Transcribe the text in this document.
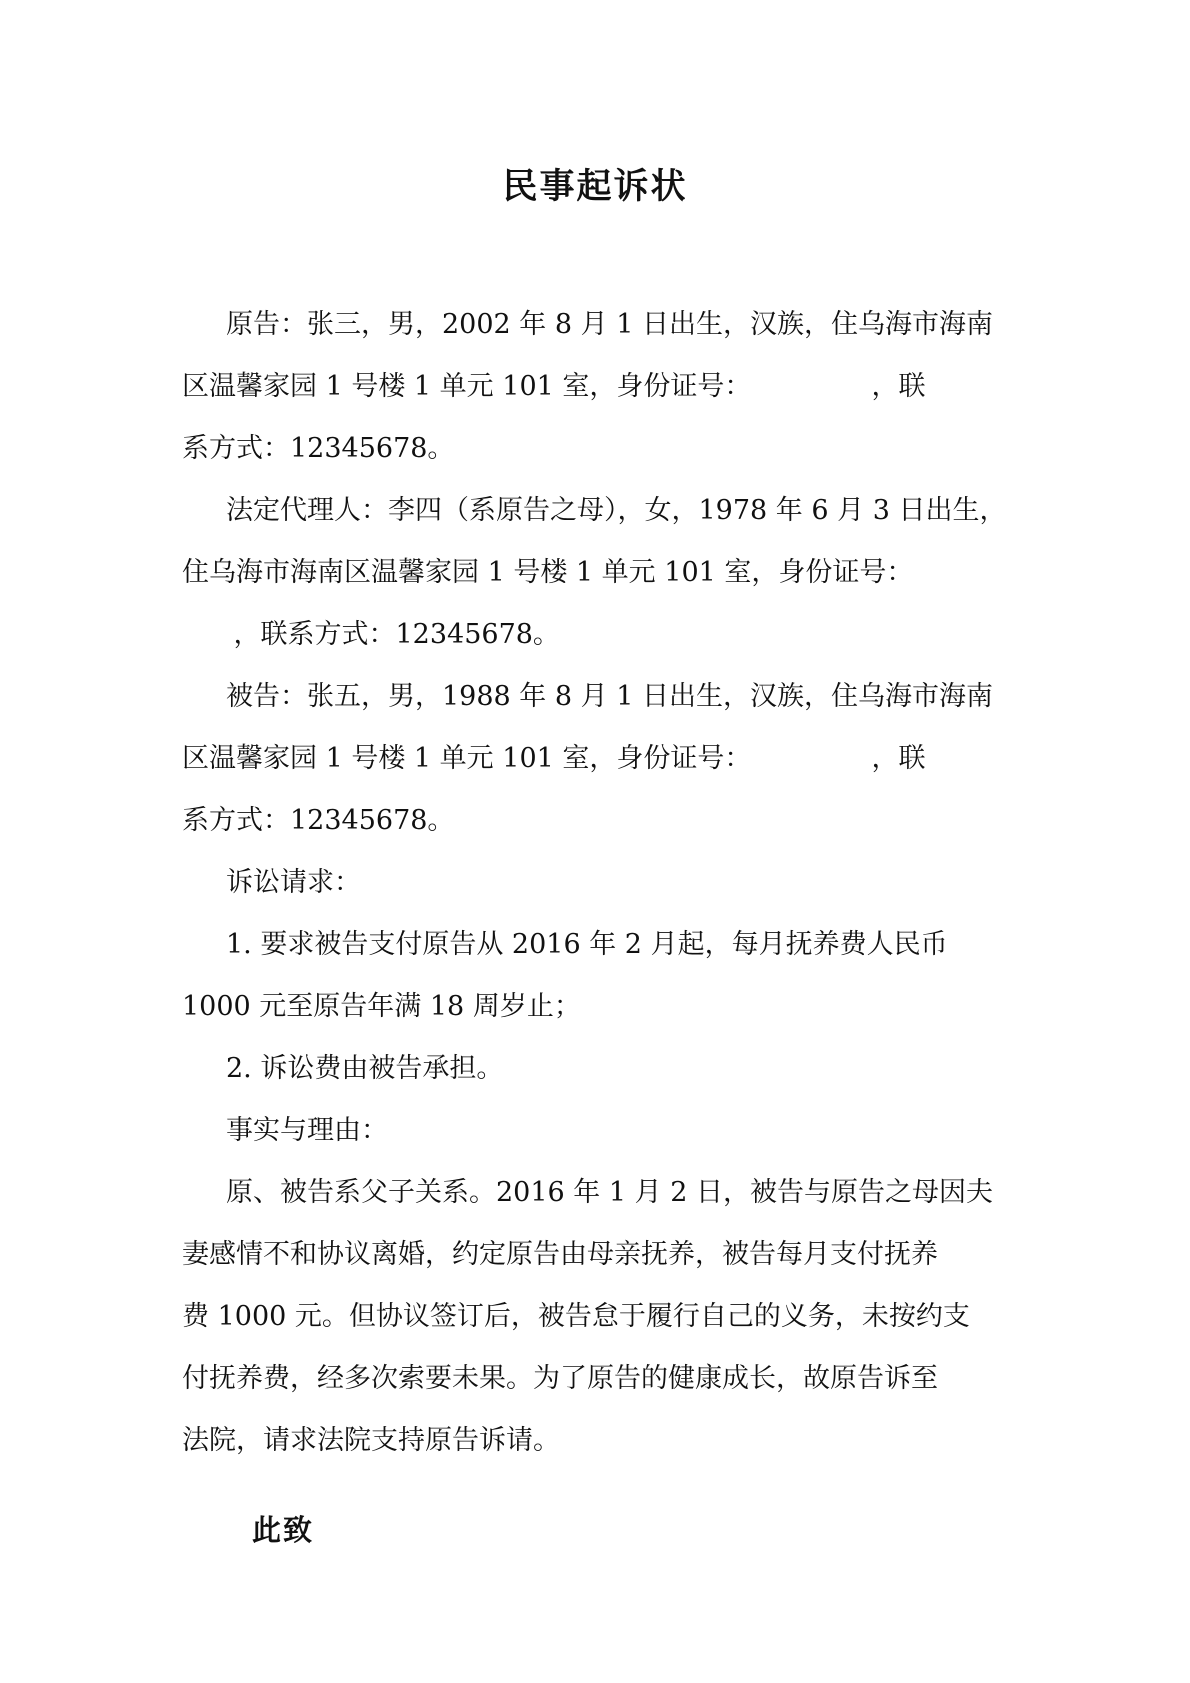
民事起诉状
原告：张三，男，2002 年 8 月 1 日出生，汉族，住乌海市海南
区温馨家园 1 号楼 1 单元 101 室，身份证号：              ，联
系方式：12345678。
法定代理人：李四（系原告之母），女，1978 年 6 月 3 日出生，
住乌海市海南区温馨家园 1 号楼 1 单元 101 室，身份证号：
，联系方式：12345678。
被告：张五，男，1988 年 8 月 1 日出生，汉族，住乌海市海南
区温馨家园 1 号楼 1 单元 101 室，身份证号：              ，联
系方式：12345678。
诉讼请求：
1. 要求被告支付原告从 2016 年 2 月起，每月抚养费人民币
1000 元至原告年满 18 周岁止；
2. 诉讼费由被告承担。
事实与理由：
原、被告系父子关系。2016 年 1 月 2 日，被告与原告之母因夫
妻感情不和协议离婚，约定原告由母亲抚养，被告每月支付抚养
费 1000 元。但协议签订后，被告怠于履行自己的义务，未按约支
付抚养费，经多次索要未果。为了原告的健康成长，故原告诉至
法院，请求法院支持原告诉请。
此致
